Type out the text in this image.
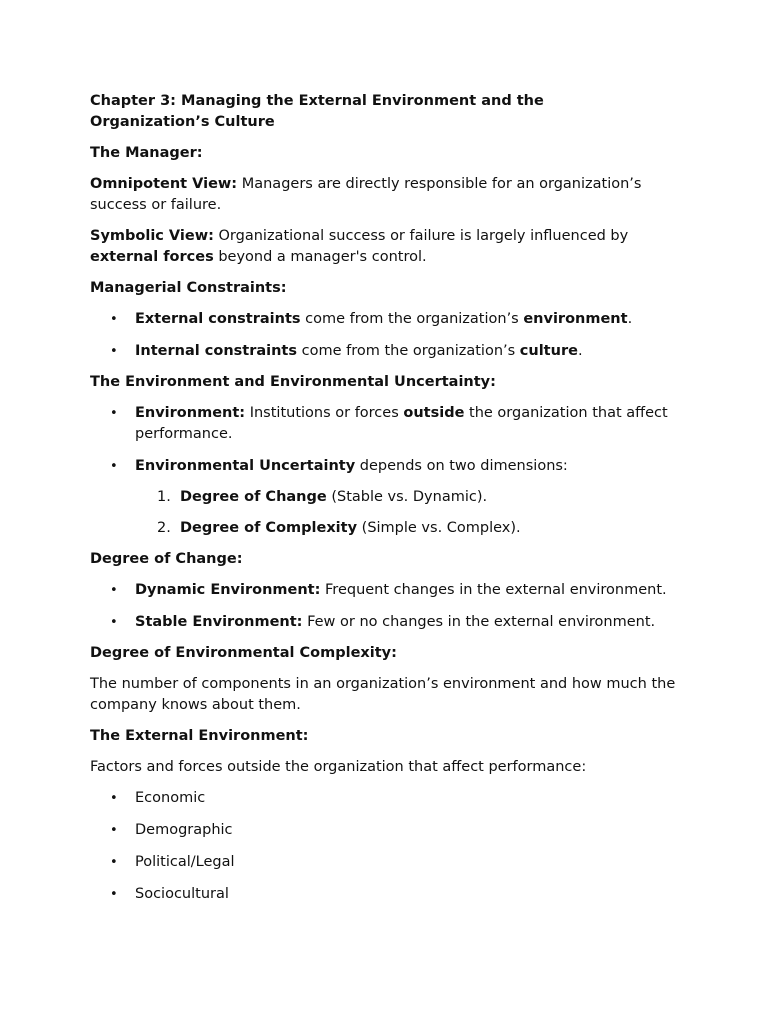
Chapter 3: Managing the External Environment and the
Organization’s Culture

The Manager:

Omnipotent View: Managers are directly responsible for an organization’s success or failure.

Symbolic View: Organizational success or failure is largely influenced by external forces beyond a manager's control.

Managerial Constraints:

• External constraints come from the organization’s environment.
• Internal constraints come from the organization’s culture.

The Environment and Environmental Uncertainty:

• Environment: Institutions or forces outside the organization that affect performance.
• Environmental Uncertainty depends on two dimensions:
1. Degree of Change (Stable vs. Dynamic).
2. Degree of Complexity (Simple vs. Complex).

Degree of Change:

• Dynamic Environment: Frequent changes in the external environment.
• Stable Environment: Few or no changes in the external environment.

Degree of Environmental Complexity:

The number of components in an organization’s environment and how much the company knows about them.

The External Environment:

Factors and forces outside the organization that affect performance:

• Economic
• Demographic
• Political/Legal
• Sociocultural
